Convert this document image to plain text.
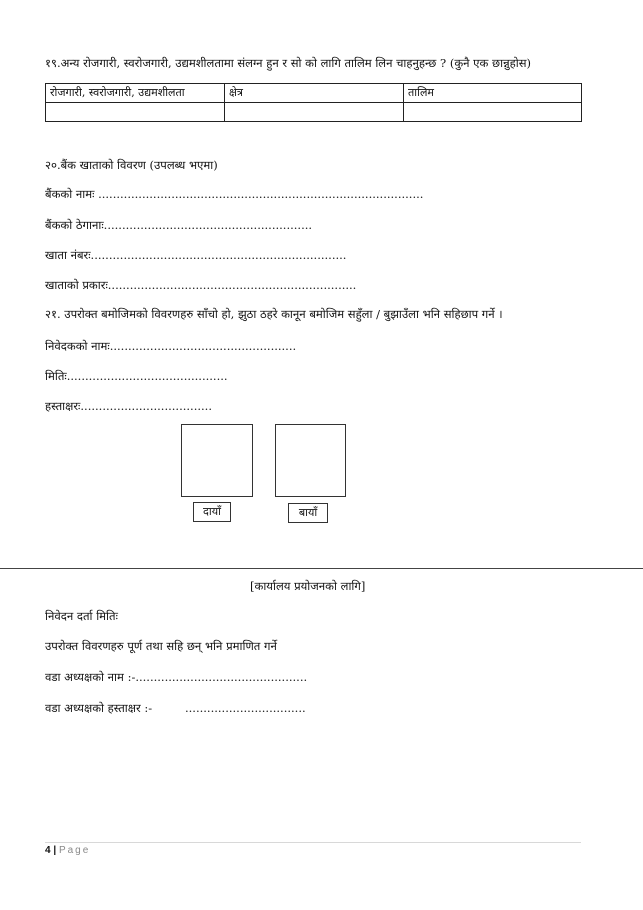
१९.अन्य रोजगारी, स्वरोजगारी, उद्यमशीलतामा संलग्न हुन र सो को लागि तालिम लिन चाहनुहन्छ ? (कुनै एक छान्नुहोस)
रोजगारी, स्वरोजगारी, उद्यमशीलता	क्षेत्र	तालिम

२०.बैंक खाताको विवरण (उपलब्ध भएमा)
बैंकको नामः .........................................................................................
बैंकको ठेगानाः.........................................................
खाता नंबरः......................................................................
खाताको प्रकारः....................................................................
२१. उपरोक्त बमोजिमको विवरणहरु साँचो हो, झुठा ठहरे कानून बमोजिम सहुँला / बुझाउँला भनि सहिछाप गर्ने ।
निवेदकको नामः...................................................
मितिः............................................
हस्ताक्षरः....................................
दायाँ	बायाँ
[कार्यालय प्रयोजनको लागि]
निवेदन दर्ता मितिः
उपरोक्त विवरणहरु पूर्ण तथा सहि छन् भनि प्रमाणित गर्ने
वडा अध्यक्षको नाम :-...............................................
वडा अध्यक्षको हस्ताक्षर :-	.................................
4 | Page
